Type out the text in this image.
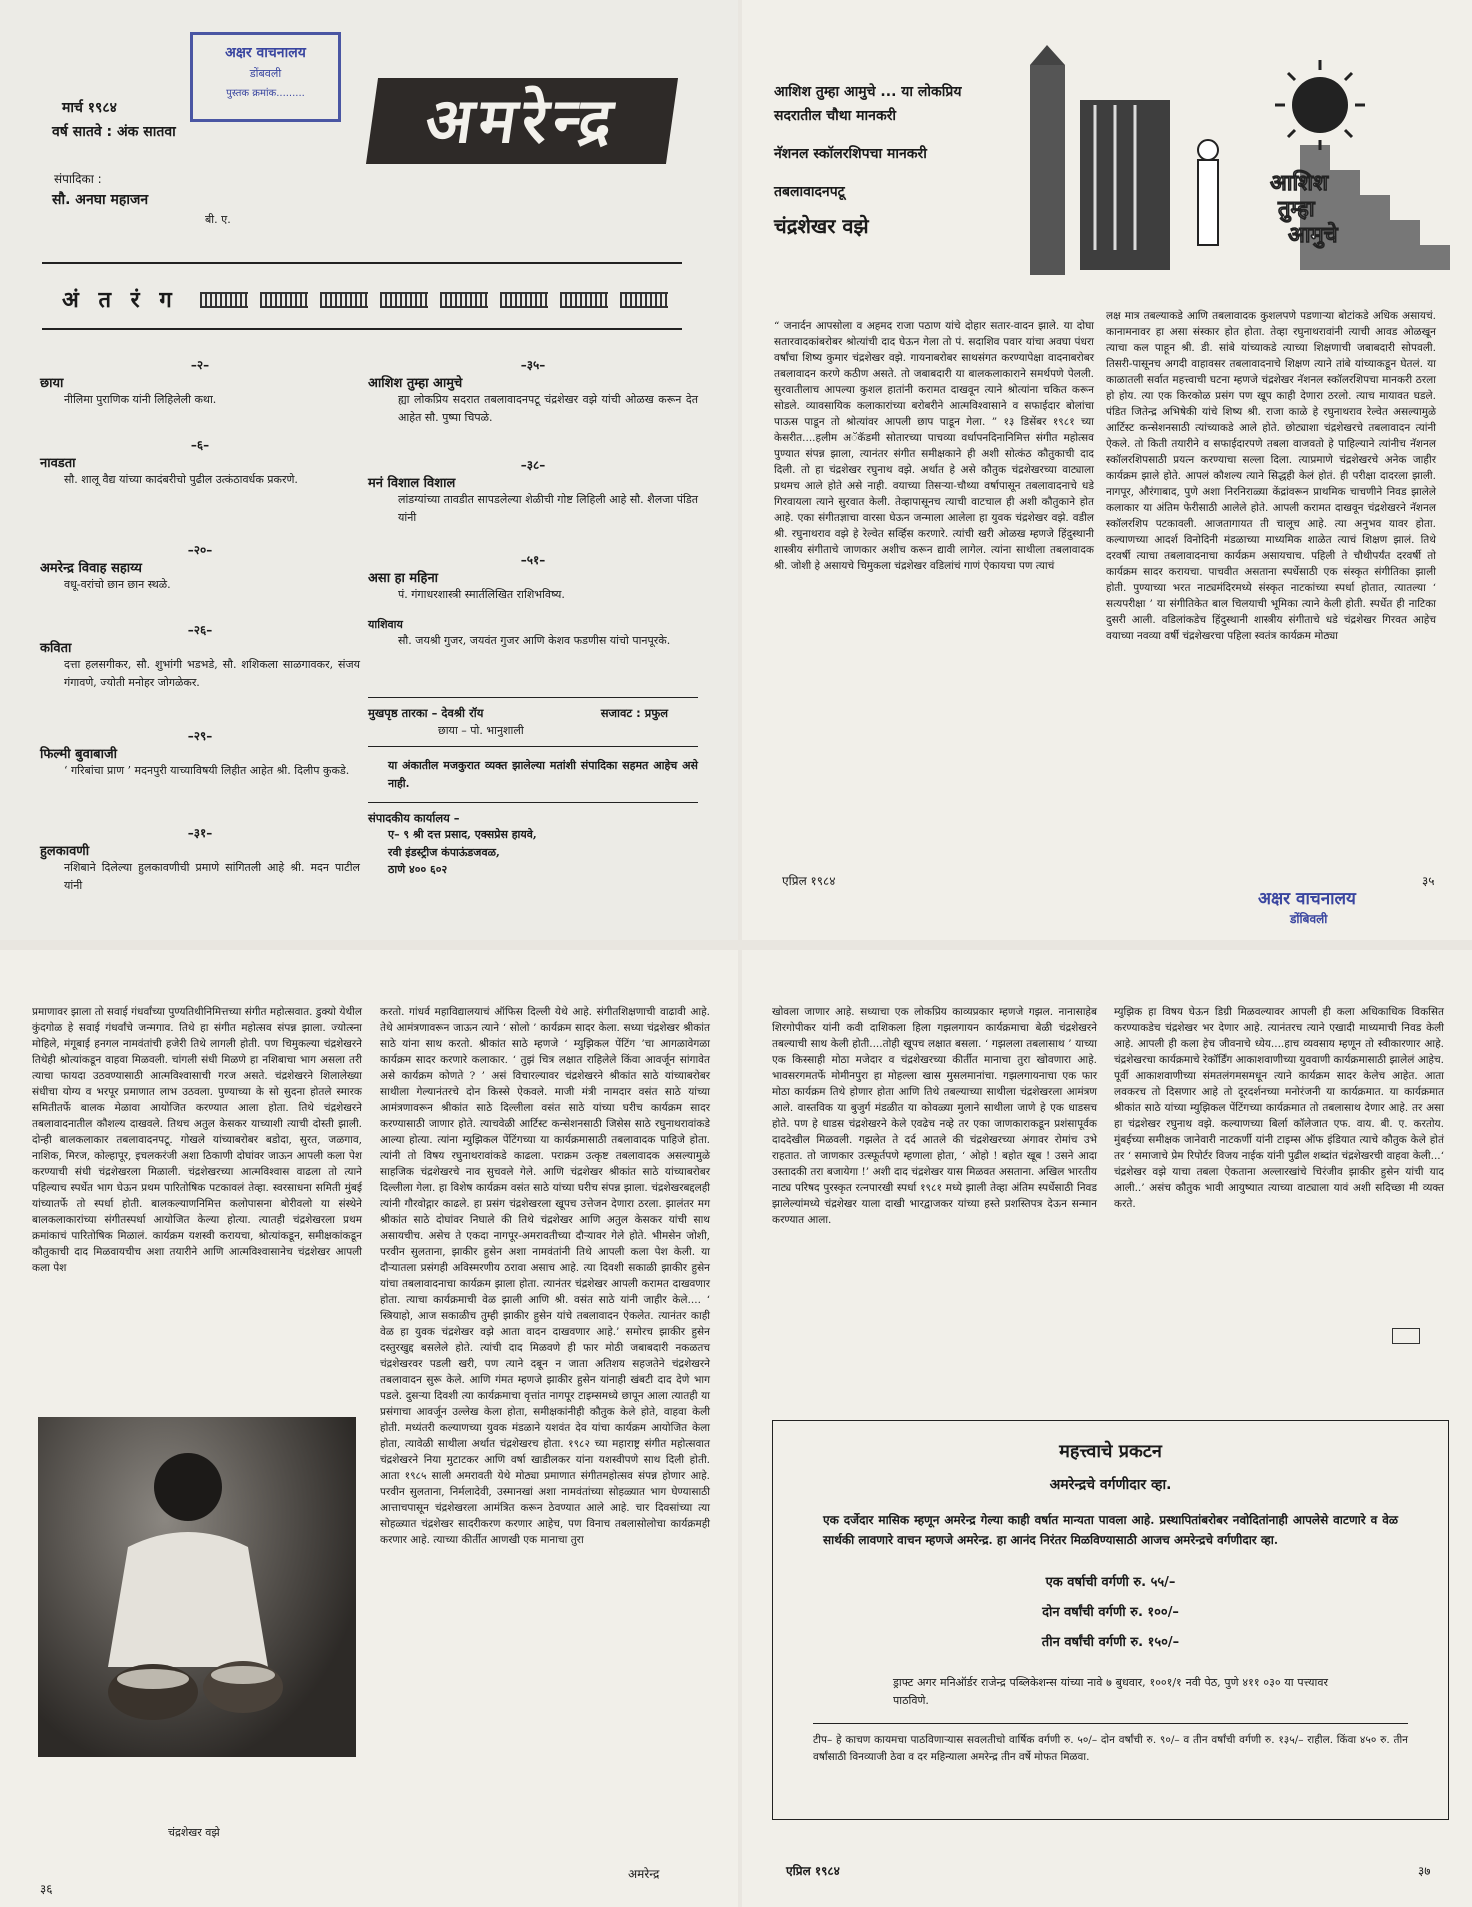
अक्षर वाचनालय
डोंबवली
पुस्तक क्रमांक.........
मार्च १९८४
वर्ष सातवे : अंक सातवा	अमरेन्द्र
संपादिका :
सौ. अनघा महाजन
बी. ए.
अं त रं ग
–२–
छाया
नीलिमा पुराणिक यांनी लिहिलेली कथा.
–६–
नावडता
सौ. शालू वैद्य यांच्या कादंबरीचो पुढील उत्कंठावर्धक प्रकरणे.
–२०–
अमरेन्द्र विवाह सहाय्य
वधू-वरांचो छान छान स्थळे.
–२६–
कविता
दत्ता हलसगीकर, सौ. शुभांगी भडभडे, सौ. शशिकला साळगावकर, संजय गंगावणे, ज्योती मनोहर जोगळेकर.
–२९–
फिल्मी बुवाबाजी
‘ गरिबांचा प्राण ’ मदनपुरी याच्याविषयी लिहीत आहेत श्री. दिलीप कुकडे.
–३१–
हुलकावणी
नशिबाने दिलेल्या हुलकावणीची प्रमाणे सांगितली आहे श्री. मदन पाटील यांनी
–३५–
आशिश तुम्हा आमुचे
ह्या लोकप्रिय सदरात तबलावादनपटू चंद्रशेखर वझे यांची ओळख करून देत आहेत सौ. पुष्पा चिपळे.
–३८–
मनं विशाल विशाल
लांडग्यांच्या तावडीत सापडलेल्या शेळीची गोष्ट लिहिली आहे सौ. शैलजा पंडित यांनी
–५१–
असा हा महिना
पं. गंगाधरशास्त्री स्मार्तलिखित राशिभविष्य.
याशिवाय
सौ. जयश्री गुजर, जयवंत गुजर आणि केशव फडणीस यांचो पानपूरके.
मुखपृष्ठ तारका – देवश्री रॉय	सजावट : प्रफुल
छाया – पो. भानुशाली
या अंकातील मजकुरात व्यक्त झालेल्या मतांशी संपादिका सहमत आहेच असे नाही.
संपादकीय कार्यालय –
ए– ९ श्री दत्त प्रसाद, एक्सप्रेस हायवे,
रवी इंडस्ट्रीज कंपाऊंडजवळ,
ठाणे ४०० ६०२
आशिश तुम्हा आमुचे ... या लोकप्रिय
सदरातील चौथा मानकरी
नॅशनल स्कॉलरशिपचा मानकरी
तबलावादनपटू
चंद्रशेखर वझे
आशिश
तुम्हा
आमुचे
“ जनार्दन आपसोला व अहमद राजा पठाण यांचे दोहार सतार-वादन झाले. या दोघा सतारवादकांबरोबर श्रोत्यांची दाद घेऊन गेला तो पं. सदाशिव पवार यांचा अवघा पंधरा वर्षांचा शिष्य कुमार चंद्रशेखर वझे. गायनाबरोबर साथसंगत करण्यापेक्षा वादनाबरोबर तबलावादन करणे कठीण असते. तो जबाबदारी या बालकलाकाराने समर्थपणे पेलली. सुरवातीलाच आपल्या कुशल हातांनी करामत दाखवून त्याने श्रोत्यांना चकित करून सोडले. व्यावसायिक कलाकारांच्या बरोबरीने आत्मविश्वासाने व सफाईदार बोलांचा पाऊस पाडून तो श्रोत्यांवर आपली छाप पाडून गेला. ” १३ डिसेंबर १९८१ च्या केसरीत....हलीम अॅकॅडमी सोतारच्या पाचव्या वर्धापनदिनानिमित्त संगीत महोत्सव पुण्यात संपन्न झाला, त्यानंतर संगीत समीक्षकाने ही अशी सोत्कंठ कौतुकाची दाद दिली. तो हा चंद्रशेखर रघुनाथ वझे. अर्थात हे असे कौतुक चंद्रशेखरच्या वाट्याला प्रथमच आले होते असे नाही. वयाच्या तिसऱ्या-चौथ्या वर्षापासून तबलावादनाचे धडे गिरवायला त्याने सुरवात केली. तेव्हापासूनच त्याची वाटचाल ही अशी कौतुकाने होत आहे. एका संगीतज्ञाचा वारसा घेऊन जन्माला आलेला हा युवक चंद्रशेखर वझे. वडील श्री. रघुनाथराव वझे हे रेल्वेत सर्व्हिस करणारे. त्यांची खरी ओळख म्हणजे हिंदुस्थानी शास्त्रीय संगीताचे जाणकार अशीच करून द्यावी लागेल. त्यांना साथीला तबलावादक श्री. जोशी हे असायचे चिमुकला चंद्रशेखर वडिलांचं गाणं ऐकायचा पण त्याचं
लक्ष मात्र तबल्याकडे आणि तबलावादक कुशलपणे पडणाऱ्या बोटांकडे अधिक असायचं. कानामनावर हा असा संस्कार होत होता. तेव्हा रघुनाथरावांनी त्याची आवड ओळखून त्याचा कल पाहून श्री. डी. सांबे यांच्याकडे त्याच्या शिक्षणाची जबाबदारी सोपवली. तिसरी-पासूनच अगदी वाहावसर तबलावादनाचे शिक्षण त्याने तांबे यांच्याकडून घेतलं. या काळातली सर्वात महत्त्वाची घटना म्हणजे चंद्रशेखर नॅशनल स्कॉलरशिपचा मानकरी ठरला हो होय. त्या एक किरकोळ प्रसंग पण खूप काही देणारा ठरलो. त्याच मायावत घडले. पंडित जितेन्द्र अभिषेकी यांचे शिष्य श्री. राजा काळे हे रघुनाथराव रेल्वेत असल्यामुळे आर्टिस्ट कन्सेशनसाठी त्यांच्याकडे आले होते. छोट्याशा चंद्रशेखरचे तबलावादन त्यांनी ऐकले. तो किती तयारीने व सफाईदारपणे तबला वाजवतो हे पाहिल्याने त्यांनीच नॅशनल स्कॉलरशिपसाठी प्रयत्न करण्याचा सल्ला दिला. त्याप्रमाणे चंद्रशेखरचे अनेक जाहीर कार्यक्रम झाले होते. आपलं कौशल्य त्याने सिद्धही केलं होतं. ही परीक्षा दादरला झाली. नागपूर, औरंगाबाद, पुणे अशा निरनिराळ्या केंद्रांवरून प्राथमिक चाचणीने निवड झालेले कलाकार या अंतिम फेरीसाठी आलेले होते. आपली करामत दाखवून चंद्रशेखरने नॅशनल स्कॉलरशिप पटकावली. आजतागायत ती चालूच आहे. त्या अनुभव यावर होता. कल्याणच्या आदर्श विनोदिनी मंडळाच्या माध्यमिक शाळेत त्याचं शिक्षण झालं. तिथे दरवर्षी त्याचा तबलावादनाचा कार्यक्रम असायचाच. पहिली ते चौथीपर्यंत दरवर्षी तो कार्यक्रम सादर करायचा. पाचवीत असताना स्पर्धेसाठी एक संस्कृत संगीतिका झाली होती. पुण्याच्या भरत नाट्यमंदिरमध्ये संस्कृत नाटकांच्या स्पर्धा होतात, त्यातल्या ‘ सत्यपरीक्षा ’ या संगीतिकेत बाल चिलयाची भूमिका त्याने केली होती. स्पर्धेत ही नाटिका दुसरी आली. वडिलांकडेच हिंदुस्थानी शास्त्रीय संगीताचे धडे चंद्रशेखर गिरवत आहेच वयाच्या नवव्या वर्षी चंद्रशेखरचा पहिला स्वतंत्र कार्यक्रम मोठ्या
एप्रिल १९८४	३५
अक्षर वाचनालय
डोंबिवली
प्रमाणावर झाला तो सवाई गंधर्वांच्या पुण्यतिथीनिमित्तच्या संगीत महोत्सवात. डुक्यो येथील कुंदगोळ हे सवाई गंधर्वांचे जन्मगाव. तिथे हा संगीत महोत्सव संपन्न झाला. ज्योत्स्ना मोहिले, मंगूबाई हनगल नामवंतांची हजेरी तिथे लागली होती. पण चिमुकल्या चंद्रशेखरने तिथेही श्रोत्यांकडून वाहवा मिळवली. चांगली संधी मिळणे हा नशिबाचा भाग असला तरी त्याचा फायदा उठवण्यासाठी आत्मविश्वासाची गरज असते. चंद्रशेखरने शिलालेख्या संधीचा योग्य व भरपूर प्रमाणात लाभ उठवला. पुण्याच्या के सो सुदना होतले स्मारक समितीतर्फे बालक मेळावा आयोजित करण्यात आला होता. तिथे चंद्रशेखरने तबलावादनातील कौशल्य दाखवले. तिथच अतुल केसकर याच्याशी त्याची दोस्ती झाली. दोन्ही बालकलाकार तबलावादनपटू. गोखले यांच्याबरोबर बडोदा, सुरत, जळगाव, नाशिक, मिरज, कोल्हापूर, इचलकरंजी अशा ठिकाणी दोघांवर जाऊन आपली कला पेश करण्याची संधी चंद्रशेखरला मिळाली. चंद्रशेखरच्या आत्मविश्वास वाढला तो त्याने पहिल्याच स्पर्धेत भाग घेऊन प्रथम पारितोषिक पटकावलं तेव्हा. स्वरसाधना समिती मुंबई यांच्यातर्फे तो स्पर्धा होती. बालकल्याणनिमित्त कलोपासना बोरीवलो या संस्थेने बालकलाकारांच्या संगीतस्पर्धा आयोजित केल्या होत्या. त्यातही चंद्रशेखरला प्रथम क्रमांकाचं पारितोषिक मिळालं. कार्यक्रम यशस्वी करायचा, श्रोत्यांकडून, समीक्षकांकडून कौतुकाची दाद मिळवायचीच अशा तयारीने आणि आत्मविश्वासानेच चंद्रशेखर आपली कला पेश
चंद्रशेखर वझे
करतो. गांधर्व महाविद्यालयाचं ऑफिस दिल्ली येथे आहे. संगीतशिक्षणाची वाढावी आहे. तेथे आमंत्रणावरून जाऊन त्याने ‘ सोलो ’ कार्यक्रम सादर केला. सध्या चंद्रशेखर श्रीकांत साठे यांना साथ करतो. श्रीकांत साठे म्हणजे ‘ म्युझिकल पेंटिंग ’चा आगळावेगळा कार्यक्रम सादर करणारे कलाकार. ‘ तुझं चित्र लक्षात राहिलेले किंवा आवर्जून सांगावेत असे कार्यक्रम कोणते ? ’ असं विचारल्यावर चंद्रशेखरने श्रीकांत साठे यांच्याबरोबर साथीला गेल्यानंतरचे दोन किस्से ऐकवले. माजी मंत्री नामदार वसंत साठे यांच्या आमंत्रणावरून श्रीकांत साठे दिल्लीला वसंत साठे यांच्या घरीच कार्यक्रम सादर करण्यासाठी जाणार होते. त्याचवेळी आर्टिस्ट कन्सेशनसाठी जिसेस साठे रघुनाथरावांकडे आल्या होत्या. त्यांना म्युझिकल पेंटिंगच्या या कार्यक्रमासाठी तबलावादक पाहिजे होता. त्यांनी तो विषय रघुनाथरावांकडे काढला. पराक्रम उत्कृष्ट तबलावादक असल्यामुळे साहजिक चंद्रशेखरचे नाव सुचवले गेले. आणि चंद्रशेखर श्रीकांत साठे यांच्याबरोबर दिल्लीला गेला. हा विशेष कार्यक्रम वसंत साठे यांच्या घरीच संपन्न झाला. चंद्रशेखरबद्दलही त्यांनी गौरवोद्गार काढले. हा प्रसंग चंद्रशेखरला खूपच उत्तेजन देणारा ठरला. झालंतर मग श्रीकांत साठे दोघांवर निघाले की तिथे चंद्रशेखर आणि अतुल केसकर यांची साथ असायचीच. असेच ते एकदा नागपूर-अमरावतीच्या दौऱ्यावर गेले होते. भीमसेन जोशी, परवीन सुलताना, झाकीर हुसेन अशा नामवंतांनी तिथे आपली कला पेश केली. या दौऱ्यातला प्रसंगही अविस्मरणीय ठरावा असाच आहे. त्या दिवशी सकाळी झाकीर हुसेन यांचा तबलावादनाचा कार्यक्रम झाला होता. त्यानंतर चंद्रशेखर आपली करामत दाखवणार होता. त्याचा कार्यक्रमाची वेळ झाली आणि श्री. वसंत साठे यांनी जाहीर केले.... ‘ स्त्रियाहो, आज सकाळीच तुम्ही झाकीर हुसेन यांचे तबलावादन ऐकलेत. त्यानंतर काही वेळ हा युवक चंद्रशेखर वझे आता वादन दाखवणार आहे.’ समोरच झाकीर हुसेन दस्तुरखुद्द बसलेले होते. त्यांची दाद मिळवणे ही फार मोठी जबाबदारी नकळतच चंद्रशेखरवर पडली खरी, पण त्याने दबून न जाता अतिशय सहजतेने चंद्रशेखरने तबलावादन सुरू केले. आणि गंमत म्हणजे झाकीर हुसेन यांनाही खंबटी दाद देणे भाग पडले. दुसऱ्या दिवशी त्या कार्यक्रमाचा वृत्तांत नागपूर टाइम्समध्ये छापून आला त्यातही या प्रसंगाचा आवर्जून उल्लेख केला होता, समीक्षकांनीही कौतुक केले होते, वाहवा केली होती. मध्यंतरी कल्याणच्या युवक मंडळाने यशवंत देव यांचा कार्यक्रम आयोजित केला होता, त्यावेळी साथीला अर्थात चंद्रशेखरच होता. १९८२ च्या महाराष्ट्र संगीत महोत्सवात चंद्रशेखरने निया मुटाटकर आणि वर्षा खाडीलकर यांना यशस्वीपणे साथ दिली होती. आता १९८५ साली अमरावती येथे मोठ्या प्रमाणात संगीतमहोत्सव संपन्न होणार आहे. परवीन सुलताना, निर्मलादेवी, उस्मानखां अशा नामवंतांच्या सोहळ्यात भाग घेण्यासाठी आत्ताचपासून चंद्रशेखरला आमंत्रित करून ठेवण्यात आले आहे. चार दिवसांच्या त्या सोहळ्यात चंद्रशेखर सादरीकरण करणार आहेच, पण विनाच तबलासोलोचा कार्यक्रमही करणार आहे. त्याच्या कीर्तीत आणखी एक मानाचा तुरा
३६
अमरेन्द्र
खोवला जाणार आहे. सध्याचा एक लोकप्रिय काव्यप्रकार म्हणजे गझल. नानासाहेब शिरगोपीकर यांनी कवी दाशिकला हिला गझलगायन कार्यक्रमाचा बेळी चंद्रशेखरने तबल्याची साथ केली होती....तोही खूपच लक्षात बसला. ‘ गझलला तबलासाथ ’ याच्या एक किस्साही मोठा मजेदार व चंद्रशेखरच्या कीर्तीत मानाचा तुरा खोवणारा आहे. भावसरगमतर्फे मोमीनपुरा हा मोहल्ला खास मुसलमानांचा. गझलगायनाचा एक फार मोठा कार्यक्रम तिथे होणार होता आणि तिथे तबल्याच्या साथीला चंद्रशेखरला आमंत्रण आले. वास्तविक या बुजुर्ग मंडळीत या कोवळ्या मुलाने साथीला जाणे हे एक धाडसच होते. पण हे धाडस चंद्रशेखरने केले एवढेच नव्हे तर एका जाणकाराकडून प्रशंसापूर्वक दाददेखील मिळवली. गझलेत ते दर्द आतले की चंद्रशेखरच्या अंगावर रोमांच उभे राहतात. तो जाणकार उत्स्फूर्तपणे म्हणाला होता, ‘ ओहो ! बहोत खूब ! उसने आदा उस्तादकी तरा बजायेगा !’ अशी दाद चंद्रशेखर यास मिळवत असताना. अखिल भारतीय नाट्य परिषद पुरस्कृत रत्नपारखी स्पर्धा १९८१ मध्ये झाली तेव्हा अंतिम स्पर्धेसाठी निवड झालेल्यांमध्ये चंद्रशेखर याला दाखी भारद्वाजकर यांच्या हस्ते प्रशस्तिपत्र देऊन सन्मान करण्यात आला.
म्युझिक हा विषय घेऊन डिग्री मिळवल्यावर आपली ही कला अधिकाधिक विकसित करण्याकडेच चंद्रशेखर भर देणार आहे. त्यानंतरच त्याने एखादी माध्यमाची निवड केली आहे. आपली ही कला हेच जीवनाचे ध्येय....हाच व्यवसाय म्हणून तो स्वीकारणार आहे. चंद्रशेखरचा कार्यक्रमाचे रेकॉर्डिंग आकाशवाणीच्या युववाणी कार्यक्रमासाठी झालेलं आहेच. पूर्वी आकाशवाणीच्या संमतलंगमसमधून त्याने कार्यक्रम सादर केलेच आहेत. आता लवकरच तो दिसणार आहे तो दूरदर्शनच्या मनोरंजनी या कार्यक्रमात. या कार्यक्रमात श्रीकांत साठे यांच्या म्युझिकल पेंटिंगच्या कार्यक्रमात तो तबलासाथ देणार आहे. तर असा हा चंद्रशेखर रघुनाथ वझे. कल्याणच्या बिर्ला कॉलेजात एफ. वाय. बी. ए. करतोय. मुंबईच्या समीक्षक जानेवारी नाटकर्णी यांनी टाइम्स ऑफ इंडियात त्याचे कौतुक केले होतं तर ‘ समाजाचे प्रेम रिपोर्टर विजय नाईक यांनी पुढील शब्दांत चंद्रशेखरची वाहवा केली...‘ चंद्रशेखर वझे याचा तबला ऐकताना अल्लारखांचे चिरंजीव झाकीर हुसेन यांची याद आली..’ असंच कौतुक भावी आयुष्यात त्याच्या वाट्याला यावं अशी सदिच्छा मी व्यक्त करते.
महत्त्वाचे प्रकटन
अमरेन्द्रचे वर्गणीदार व्हा.
एक दर्जेदार मासिक म्हणून अमरेन्द्र गेल्या काही वर्षात मान्यता पावला आहे. प्रस्थापितांबरोबर नवोदितांनाही आपलेसे वाटणारे व वेळ सार्थकी लावणारे वाचन म्हणजे अमरेन्द्र. हा आनंद निरंतर मिळविण्यासाठी आजच अमरेन्द्रचे वर्गणीदार व्हा.
एक वर्षाची वर्गणी रु. ५५/–
दोन वर्षांची वर्गणी रु. १००/–
तीन वर्षांची वर्गणी रु. १५०/–
ड्राफ्ट अगर मनिऑर्डर राजेन्द्र पब्लिकेशन्स यांच्या नावे ७ बुधवार, १००१/१ नवी पेठ, पुणे ४११ ०३० या पत्त्यावर पाठविणे.
टीप– हे काचण कायमचा पाठविणाऱ्यास सवलतीचो वार्षिक वर्गणी रु. ५०/– दोन वर्षांची रु. ९०/– व तीन वर्षांची वर्गणी रु. १३५/– राहील. किंवा ४५० रु. तीन वर्षांसाठी विनव्याजी ठेवा व दर महिन्याला अमरेन्द्र तीन वर्षे मोफत मिळवा.
एप्रिल १९८४	३७
